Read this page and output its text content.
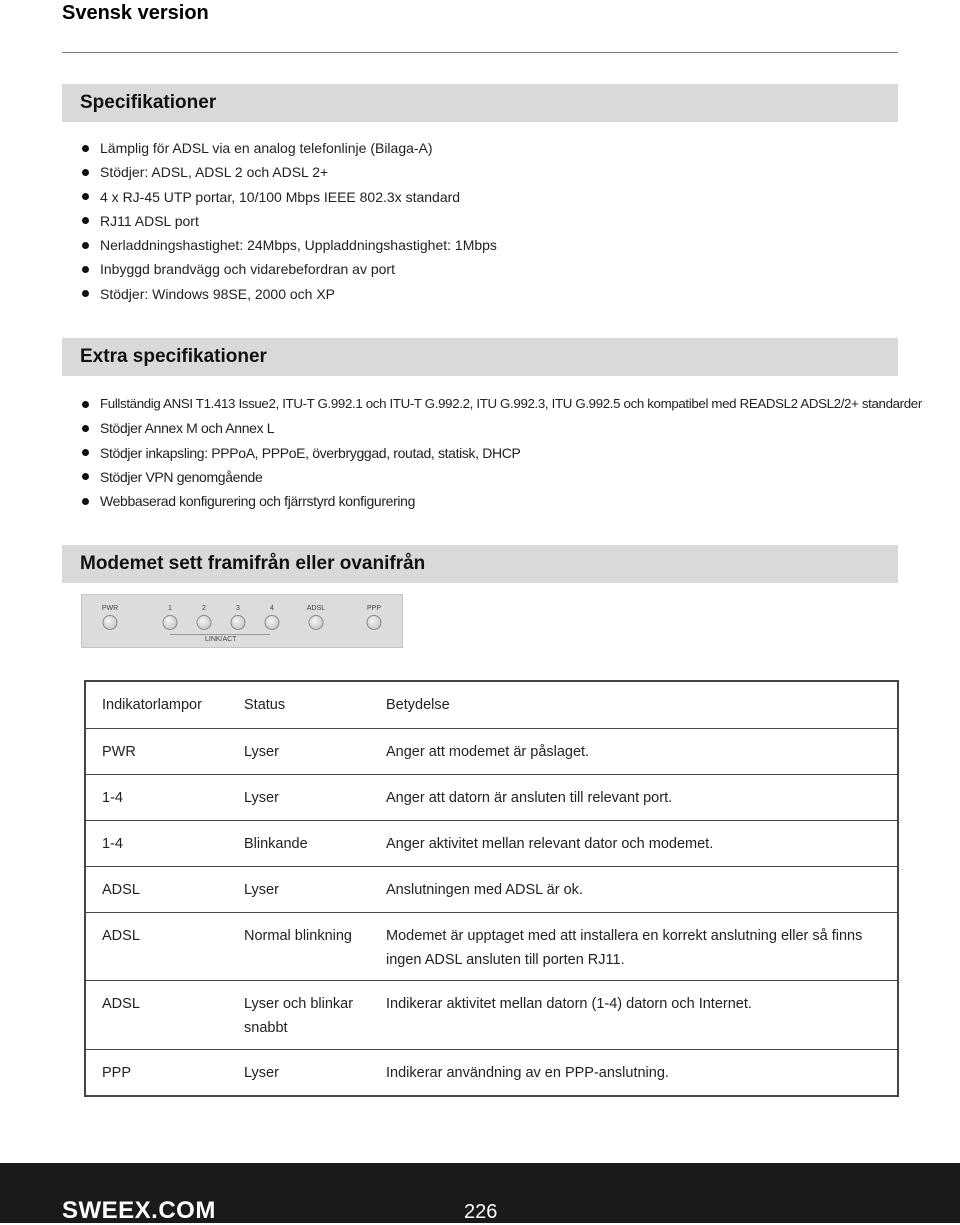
Svensk version
Specifikationer
Lämplig för ADSL via en analog telefonlinje (Bilaga-A)
Stödjer: ADSL, ADSL 2 och ADSL 2+
4 x RJ-45 UTP portar, 10/100 Mbps IEEE 802.3x standard
RJ11 ADSL port
Nerladdningshastighet: 24Mbps, Uppladdningshastighet: 1Mbps
Inbyggd brandvägg och vidarebefordran av port
Stödjer: Windows 98SE, 2000 och XP
Extra specifikationer
Fullständig ANSI T1.413 Issue2, ITU-T G.992.1 och ITU-T G.992.2, ITU G.992.3, ITU G.992.5 och kompatibel med READSL2 ADSL2/2+ standarder
Stödjer Annex M och Annex L
Stödjer inkapsling: PPPoA, PPPoE, överbryggad, routad, statisk, DHCP
Stödjer VPN genomgående
Webbaserad konfigurering och fjärrstyrd konfigurering
Modemet sett framifrån eller ovanifrån
PWR	1	2	3	4	ADSL	PPP
LINK/ACT
Indikatorlampor	Status	Betydelse

PWR	Lyser	Anger att modemet är påslaget.

1-4	Lyser	Anger att datorn är ansluten till relevant port.

1-4	Blinkande	Anger aktivitet mellan relevant dator och modemet.

ADSL	Lyser	Anslutningen med ADSL är ok.

ADSL	Normal blinkning	Modemet är upptaget med att installera en korrekt anslutning eller så finns ingen ADSL ansluten till porten RJ11.

ADSL	Lyser och blinkar snabbt	Indikerar aktivitet mellan datorn (1-4) datorn och Internet.

PPP	Lyser	Indikerar användning av en PPP-anslutning.
SWEEX.COM	226
